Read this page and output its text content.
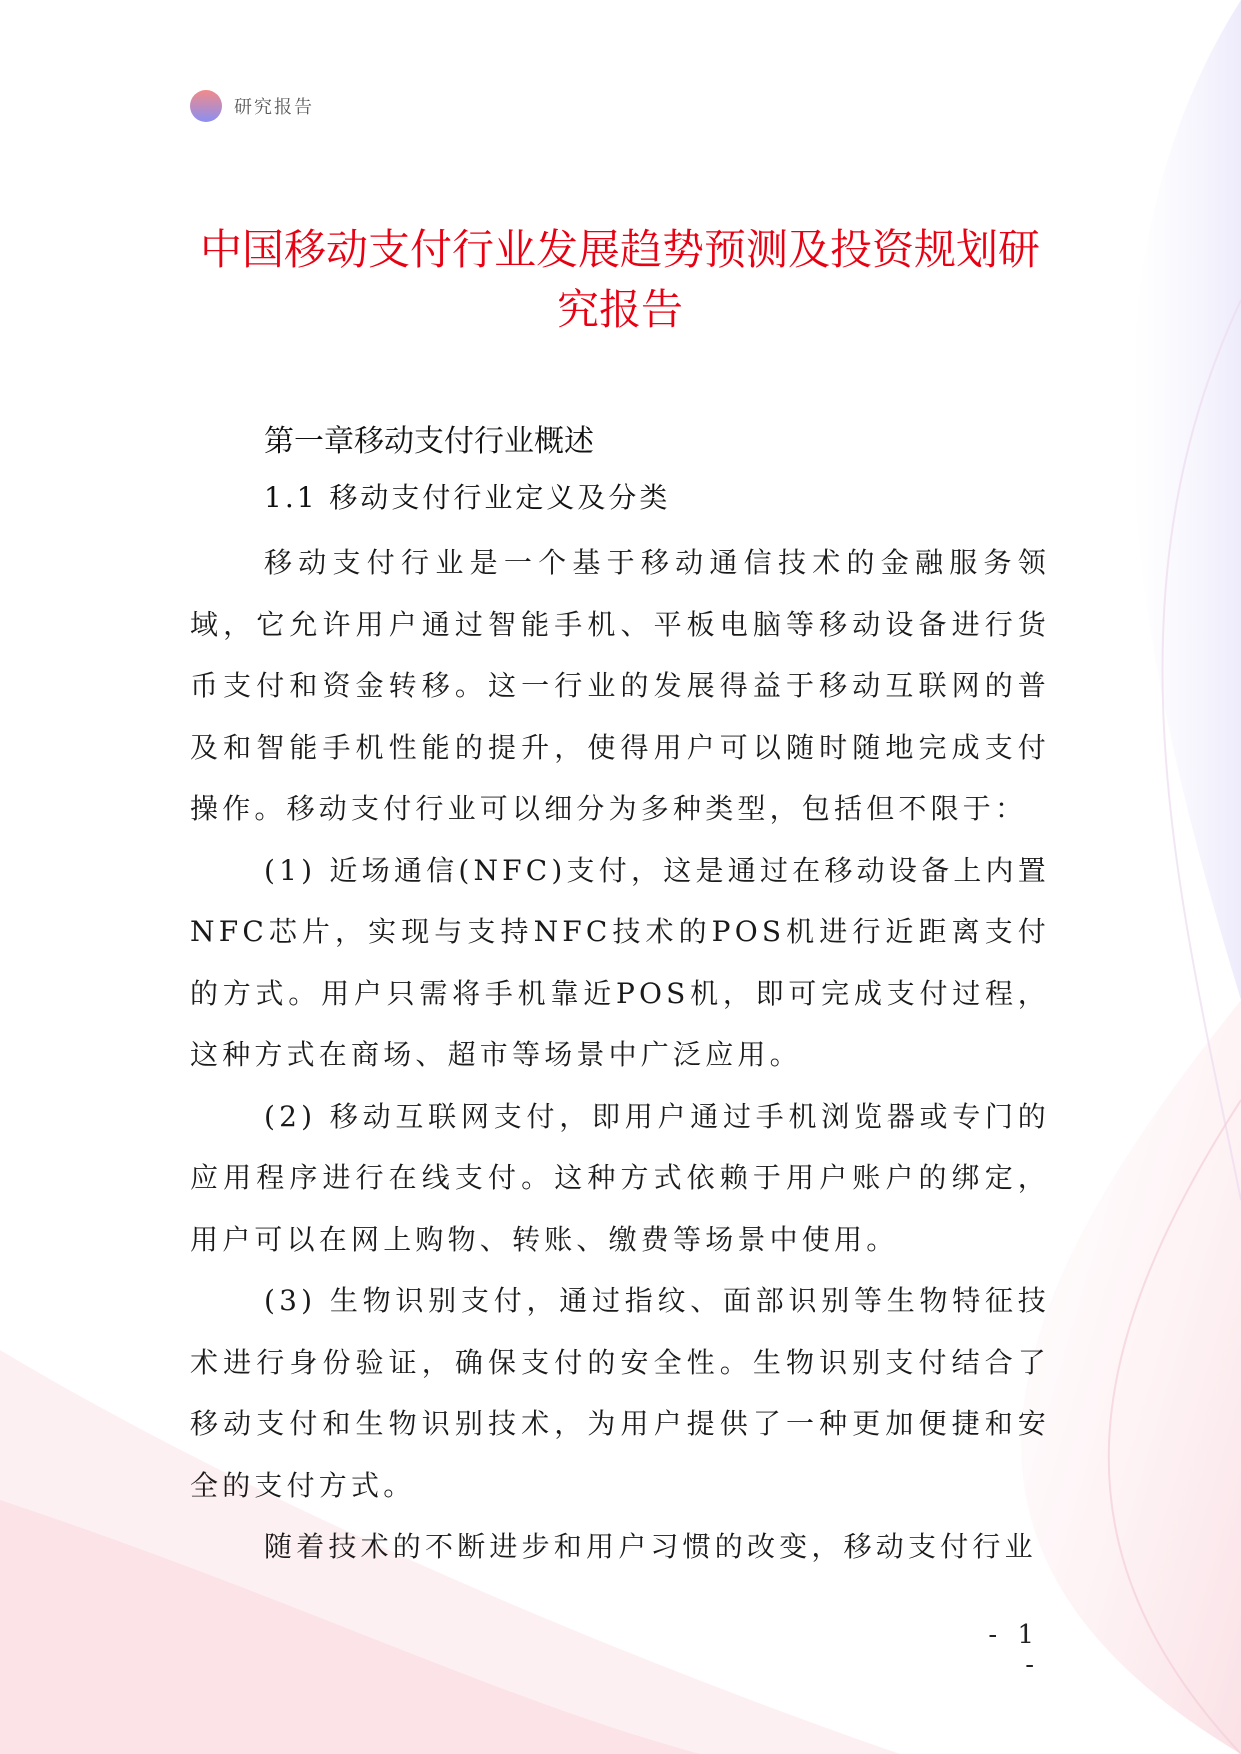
研究报告
中国移动支付行业发展趋势预测及投资规划研究报告
第一章移动支付行业概述
1.1 移动支付行业定义及分类

移动支付行业是一个基于移动通信技术的金融服务领域，它允许用户通过智能手机、平板电脑等移动设备进行货币支付和资金转移。这一行业的发展得益于移动互联网的普及和智能手机性能的提升，使得用户可以随时随地完成支付操作。移动支付行业可以细分为多种类型，包括但不限于：

(1) 近场通信(NFC)支付，这是通过在移动设备上内置NFC芯片，实现与支持NFC技术的POS机进行近距离支付的方式。用户只需将手机靠近POS机，即可完成支付过程，这种方式在商场、超市等场景中广泛应用。

(2) 移动互联网支付，即用户通过手机浏览器或专门的应用程序进行在线支付。这种方式依赖于用户账户的绑定，用户可以在网上购物、转账、缴费等场景中使用。

(3) 生物识别支付，通过指纹、面部识别等生物特征技术进行身份验证，确保支付的安全性。生物识别支付结合了移动支付和生物识别技术，为用户提供了一种更加便捷和安全的支付方式。

随着技术的不断进步和用户习惯的改变，移动支付行业

- 1 -
